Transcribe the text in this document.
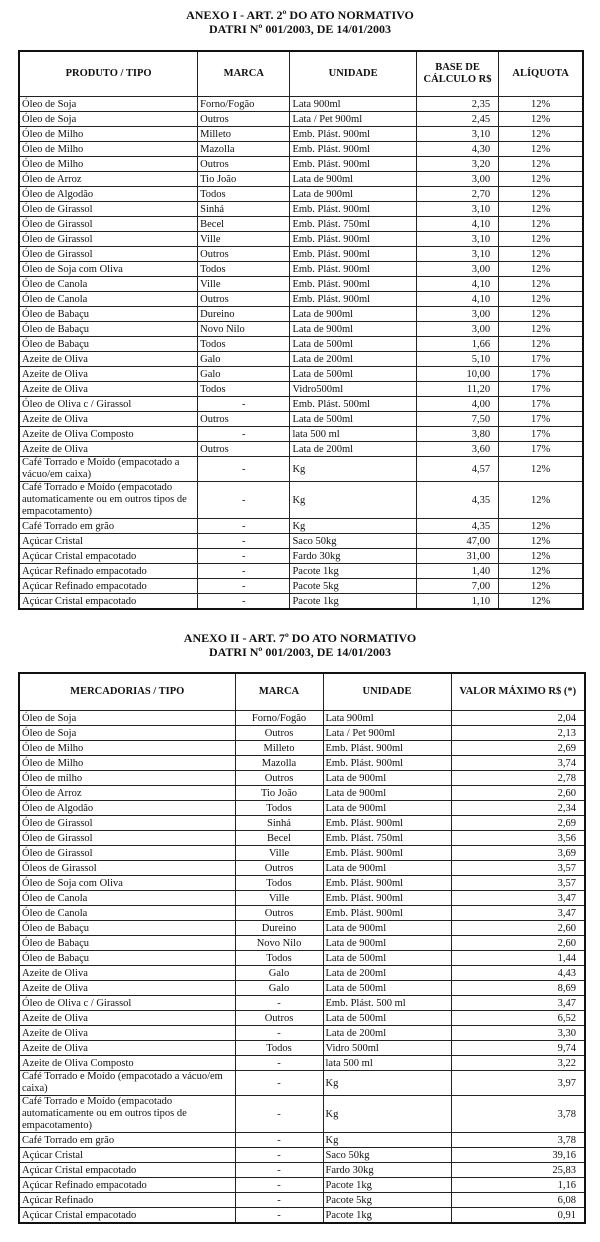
ANEXO I - ART. 2º DO ATO NORMATIVO
DATRI Nº 001/2003, DE 14/01/2003
PRODUTO / TIPO	MARCA	UNIDADE	BASE DE CÁLCULO R$	ALÍQUOTA
Óleo de Soja	Forno/Fogão	Lata 900ml	2,35	12%
Óleo de Soja	Outros	Lata / Pet 900ml	2,45	12%
Óleo de Milho	Milleto	Emb. Plást. 900ml	3,10	12%
Óleo de Milho	Mazolla	Emb. Plást. 900ml	4,30	12%
Óleo de Milho	Outros	Emb. Plást. 900ml	3,20	12%
Óleo de Arroz	Tio João	Lata de 900ml	3,00	12%
Óleo de Algodão	Todos	Lata de 900ml	2,70	12%
Óleo de Girassol	Sinhá	Emb. Plást. 900ml	3,10	12%
Óleo de Girassol	Becel	Emb. Plást. 750ml	4,10	12%
Óleo de Girassol	Ville	Emb. Plást. 900ml	3,10	12%
Óleo de Girassol	Outros	Emb. Plást. 900ml	3,10	12%
Óleo de Soja com Oliva	Todos	Emb. Plást. 900ml	3,00	12%
Óleo de Canola	Ville	Emb. Plást. 900ml	4,10	12%
Óleo de Canola	Outros	Emb. Plást. 900ml	4,10	12%
Óleo de Babaçu	Dureino	Lata de 900ml	3,00	12%
Óleo de Babaçu	Novo Nilo	Lata de 900ml	3,00	12%
Óleo de Babaçu	Todos	Lata de 500ml	1,66	12%
Azeite de Oliva	Galo	Lata de 200ml	5,10	17%
Azeite de Oliva	Galo	Lata de 500ml	10,00	17%
Azeite de Oliva	Todos	Vidro500ml	11,20	17%
Óleo de Oliva c / Girassol	-	Emb. Plást. 500ml	4,00	17%
Azeite de Oliva	Outros	Lata de 500ml	7,50	17%
Azeite de Oliva Composto	-	lata 500 ml	3,80	17%
Azeite de Oliva	Outros	Lata de 200ml	3,60	17%
Café Torrado e Moído (empacotado a vácuo/em caixa)	-	Kg	4,57	12%
Café Torrado e Moído (empacotado automaticamente ou em outros tipos de empacotamento)	-	Kg	4,35	12%
Café Torrado em grão	-	Kg	4,35	12%
Açúcar Cristal	-	Saco 50kg	47,00	12%
Açúcar Cristal empacotado	-	Fardo 30kg	31,00	12%
Açúcar Refinado empacotado	-	Pacote 1kg	1,40	12%
Açúcar Refinado empacotado	-	Pacote 5kg	7,00	12%
Açúcar Cristal empacotado	-	Pacote 1kg	1,10	12%
ANEXO II - ART. 7º DO ATO NORMATIVO
DATRI Nº 001/2003, DE 14/01/2003
MERCADORIAS / TIPO	MARCA	UNIDADE	VALOR MÁXIMO R$ (*)
Óleo de Soja	Forno/Fogão	Lata 900ml	2,04
Óleo de Soja	Outros	Lata / Pet 900ml	2,13
Óleo de Milho	Milleto	Emb. Plást. 900ml	2,69
Óleo de Milho	Mazolla	Emb. Plást. 900ml	3,74
Óleo de milho	Outros	Lata de 900ml	2,78
Óleo de Arroz	Tio João	Lata de 900ml	2,60
Óleo de Algodão	Todos	Lata de 900ml	2,34
Óleo de Girassol	Sinhá	Emb. Plást. 900ml	2,69
Óleo de Girassol	Becel	Emb. Plást. 750ml	3,56
Óleo de Girassol	Ville	Emb. Plást. 900ml	3,69
Óleos de Girassol	Outros	Lata de 900ml	3,57
Óleo de Soja com Oliva	Todos	Emb. Plást. 900ml	3,57
Óleo de Canola	Ville	Emb. Plást. 900ml	3,47
Óleo de Canola	Outros	Emb. Plást. 900ml	3,47
Óleo de Babaçu	Dureino	Lata de 900ml	2,60
Óleo de Babaçu	Novo Nilo	Lata de 900ml	2,60
Óleo de Babaçu	Todos	Lata de 500ml	1,44
Azeite de Oliva	Galo	Lata de 200ml	4,43
Azeite de Oliva	Galo	Lata de 500ml	8,69
Óleo de Oliva c / Girassol	-	Emb. Plást. 500 ml	3,47
Azeite de Oliva	Outros	Lata de 500ml	6,52
Azeite de Oliva	-	Lata de 200ml	3,30
Azeite de Oliva	Todos	Vidro 500ml	9,74
Azeite de Oliva Composto	-	lata 500 ml	3,22
Café Torrado e Moído (empacotado a vácuo/em caixa)	-	Kg	3,97
Café Torrado e Moído (empacotado automaticamente ou em outros tipos de empacotamento)	-	Kg	3,78
Café Torrado em grão	-	Kg	3,78
Açúcar Cristal	-	Saco 50kg	39,16
Açúcar Cristal empacotado	-	Fardo 30kg	25,83
Açúcar Refinado empacotado	-	Pacote 1kg	1,16
Açúcar Refinado	-	Pacote 5kg	6,08
Açúcar Cristal empacotado	-	Pacote 1kg	0,91
